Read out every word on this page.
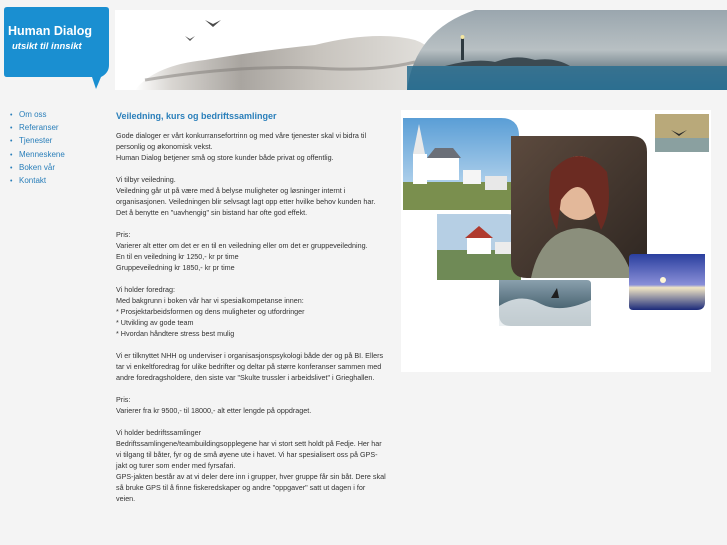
Human Dialog
utsikt til innsikt
• Om oss
• Referanser
• Tjenester
• Menneskene
• Boken vår
• Kontakt
Veiledning, kurs og bedriftssamlinger

Gode dialoger er vårt konkurransefortrinn og med våre tjenester skal vi bidra til personlig og økonomisk vekst.
Human Dialog betjener små og store kunder både privat og offentlig.

Vi tilbyr veiledning.
Veiledning går ut på være med å belyse muligheter og løsninger internt i organisasjonen. Veiledningen blir selvsagt lagt opp etter hvilke behov kunden har. Det å benytte en "uavhengig" sin bistand har ofte god effekt.

Pris:
Varierer alt etter om det er en til en veiledning eller om det er gruppeveiledning.
En til en veiledning kr 1250,- kr pr time
Gruppeveiledning kr 1850,- kr pr time

Vi holder foredrag:
Med bakgrunn i boken vår har vi spesialkompetanse innen:
* Prosjektarbeidsformen og dens muligheter og utfordringer
* Utvikling av gode team
* Hvordan håndtere stress best mulig

Vi er tilknyttet NHH og underviser i organisasjonspsykologi både der og på BI. Ellers tar vi enkeltforedrag for ulike bedrifter og deltar på større konferanser sammen med andre foredragsholdere, den siste var "Skulte trussler i arbeidslivet" i Grieghallen.

Pris:
Varierer fra kr 9500,- til 18000,- alt etter lengde på oppdraget.

Vi holder bedriftssamlinger
Bedriftssamlingene/teambuildingsopplegene har vi stort sett holdt på Fedje. Her har vi tilgang til båter, fyr og de små øyene ute i havet. Vi har spesialisert oss på GPS-jakt og turer som ender med fyrsafari.
GPS-jakten består av at vi deler dere inn i grupper, hver gruppe får sin båt. Dere skal så bruke GPS til å finne fiskeredskaper og andre "oppgaver" satt ut dagen i for veien.
